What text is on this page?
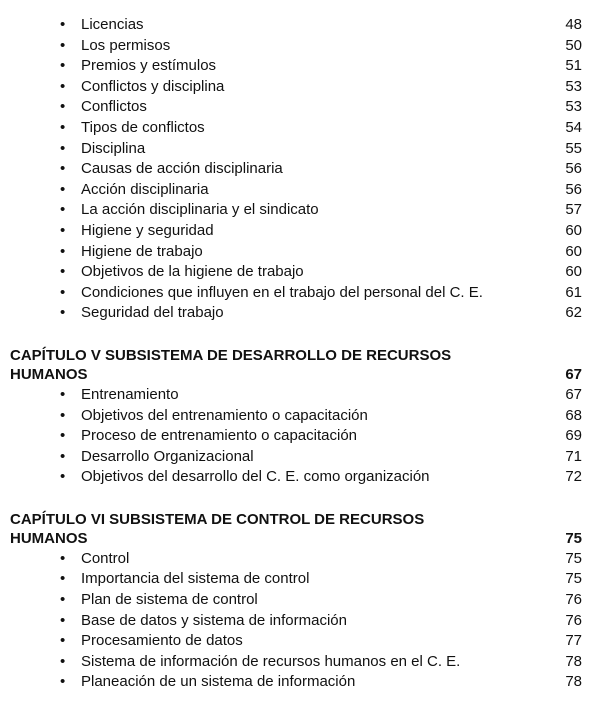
• Licencias	48
• Los permisos	50
• Premios y estímulos	51
• Conflictos y disciplina	53
• Conflictos	53
• Tipos de conflictos	54
• Disciplina	55
• Causas de acción disciplinaria	56
• Acción disciplinaria	56
• La acción disciplinaria y el sindicato	57
• Higiene y seguridad	60
• Higiene de trabajo	60
• Objetivos de la higiene de trabajo	60
• Condiciones que influyen en el trabajo del personal del C. E.	61
• Seguridad del trabajo	62
CAPÍTULO V SUBSISTEMA DE DESARROLLO DE RECURSOS
HUMANOS	67
• Entrenamiento	67
• Objetivos del entrenamiento o capacitación	68
• Proceso de entrenamiento o capacitación	69
• Desarrollo Organizacional	71
• Objetivos del desarrollo del C. E. como organización	72
CAPÍTULO VI SUBSISTEMA DE CONTROL DE RECURSOS
HUMANOS	75
• Control	75
• Importancia del sistema de control	75
• Plan de sistema de control	76
• Base de datos y sistema de información	76
• Procesamiento de datos	77
• Sistema de información de recursos humanos en el C. E.	78
• Planeación de un sistema de información	78
